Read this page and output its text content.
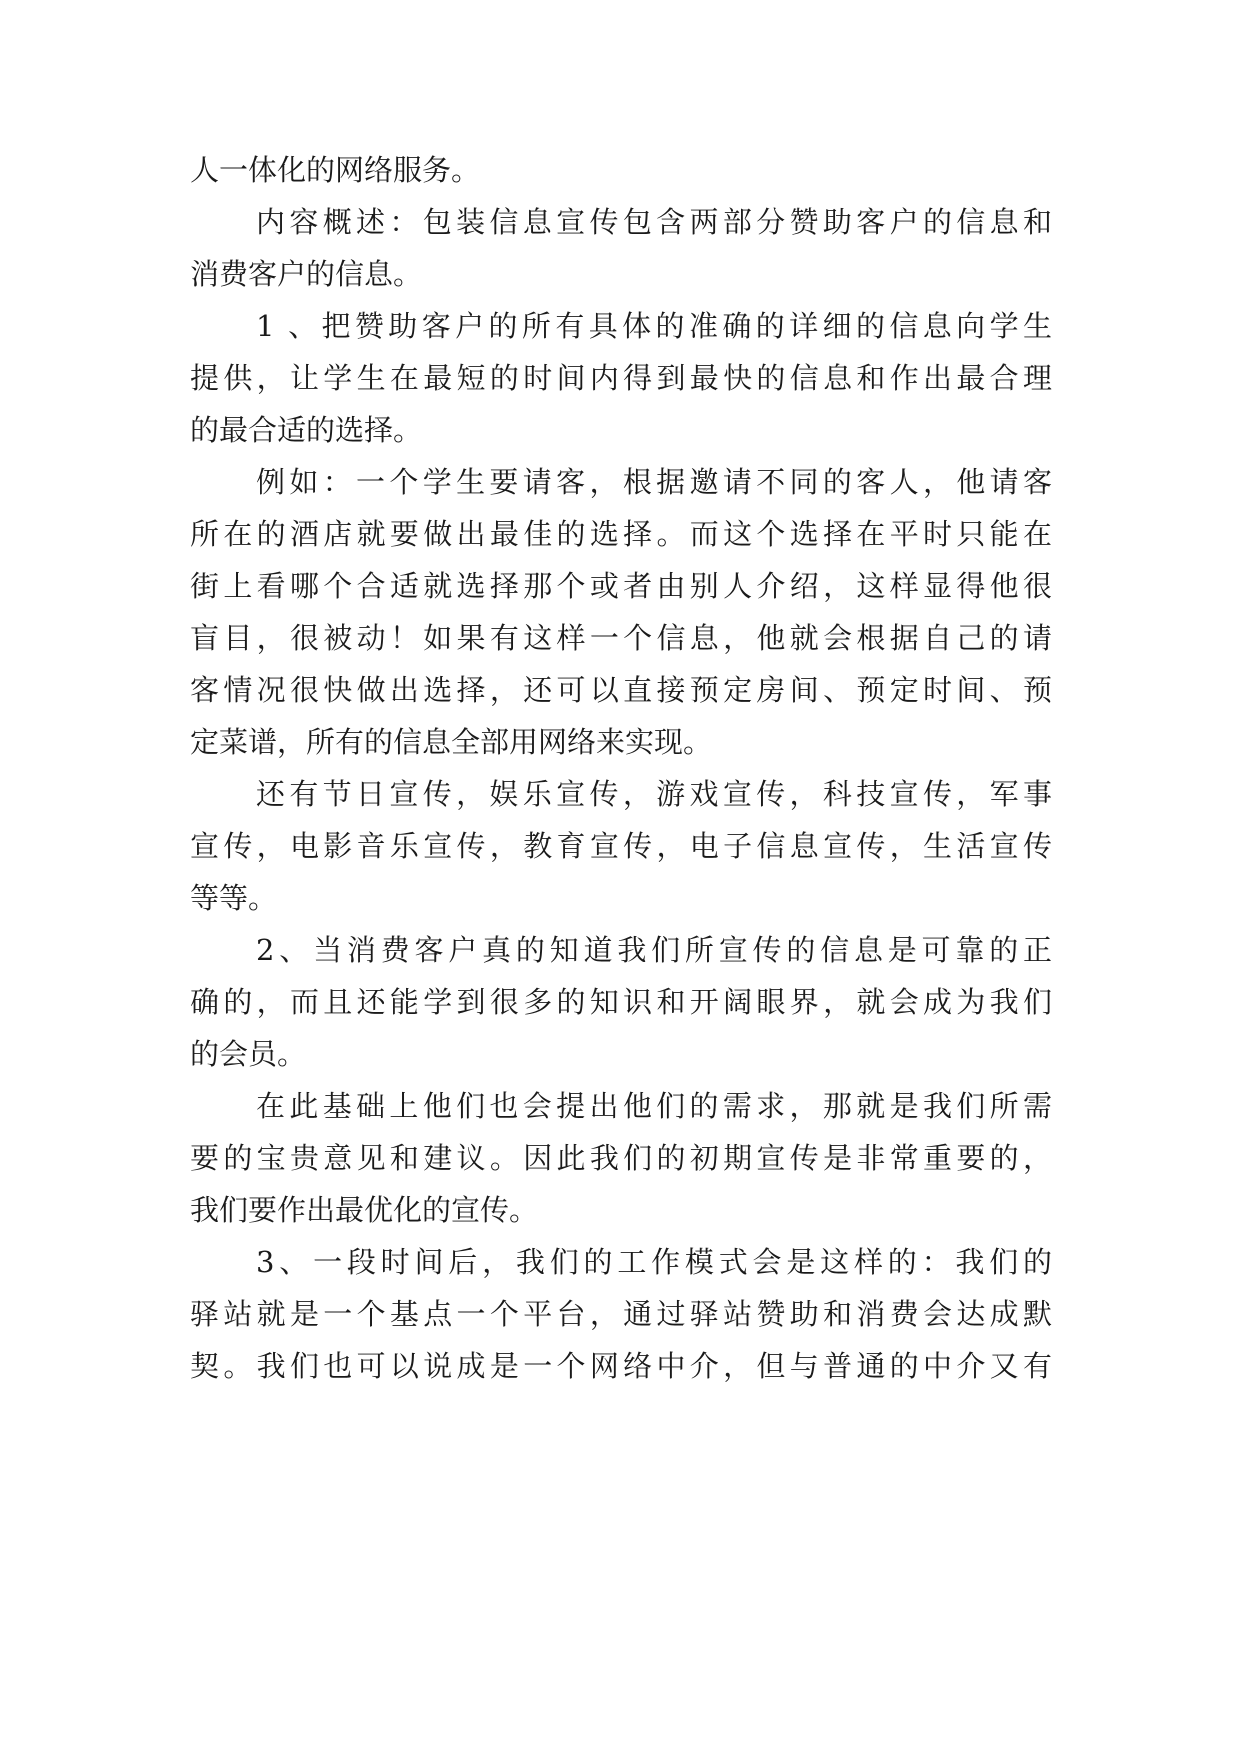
人一体化的网络服务。
内容概述：包装信息宣传包含两部分赞助客户的信息和
消费客户的信息。
1 、把赞助客户的所有具体的准确的详细的信息向学生
提供，让学生在最短的时间内得到最快的信息和作出最合理
的最合适的选择。
例如：一个学生要请客，根据邀请不同的客人，他请客
所在的酒店就要做出最佳的选择。而这个选择在平时只能在
街上看哪个合适就选择那个或者由别人介绍，这样显得他很
盲目，很被动！如果有这样一个信息，他就会根据自己的请
客情况很快做出选择，还可以直接预定房间、预定时间、预
定菜谱，所有的信息全部用网络来实现。
还有节日宣传，娱乐宣传，游戏宣传，科技宣传，军事
宣传，电影音乐宣传，教育宣传，电子信息宣传，生活宣传
等等。
2、当消费客户真的知道我们所宣传的信息是可靠的正
确的，而且还能学到很多的知识和开阔眼界，就会成为我们
的会员。
在此基础上他们也会提出他们的需求，那就是我们所需
要的宝贵意见和建议。因此我们的初期宣传是非常重要的，
我们要作出最优化的宣传。
3、一段时间后，我们的工作模式会是这样的：我们的
驿站就是一个基点一个平台，通过驿站赞助和消费会达成默
契。我们也可以说成是一个网络中介，但与普通的中介又有
